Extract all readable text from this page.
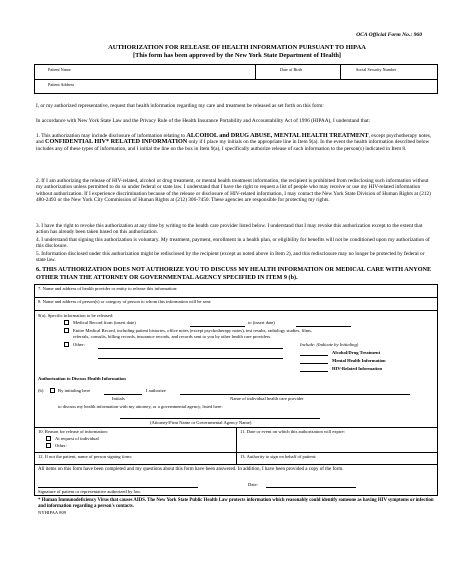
OCA Official Form No.: 960
AUTHORIZATION FOR RELEASE OF HEALTH INFORMATION PURSUANT TO HIPAA
[This form has been approved by the New York State Department of Health]
Patient Name	Date of Birth	Social Security Number
Patient Address
I, or my authorized representative, request that health information regarding my care and treatment be released as set forth on this form:
In accordance with New York State Law and the Privacy Rule of the Health Insurance Portability and Accountability Act of 1996 (HIPAA), I understand that:
1. This authorization may include disclosure of information relating to ALCOHOL and DRUG ABUSE, MENTAL HEALTH TREATMENT, except psychotherapy notes, and CONFIDENTIAL HIV* RELATED INFORMATION only if I place my initials on the appropriate line in Item 9(a). In the event the health information described below includes any of these types of information, and I initial the line on the box in Item 9(a), I specifically authorize release of such information to the person(s) indicated in Item 8.
2. If I am authorizing the release of HIV-related, alcohol or drug treatment, or mental health treatment information, the recipient is prohibited from redisclosing such information without my authorization unless permitted to do so under federal or state law. I understand that I have the right to request a list of people who may receive or use my HIV-related information without authorization. If I experience discrimination because of the release or disclosure of HIV-related information, I may contact the New York State Division of Human Rights at (212) 480-2493 or the New York City Commission of Human Rights at (212) 306-7450. These agencies are responsible for protecting my rights.
3. I have the right to revoke this authorization at any time by writing to the health care provider listed below. I understand that I may revoke this authorization except to the extent that action has already been taken based on this authorization.
4. I understand that signing this authorization is voluntary. My treatment, payment, enrollment in a health plan, or eligibility for benefits will not be conditioned upon my authorization of this disclosure.
5. Information disclosed under this authorization might be redisclosed by the recipient (except as noted above in Item 2), and this redisclosure may no longer be protected by federal or state law.
6. THIS AUTHORIZATION DOES NOT AUTHORIZE YOU TO DISCUSS MY HEALTH INFORMATION OR MEDICAL CARE WITH ANYONE OTHER THAN THE ATTORNEY OR GOVERNMENTAL AGENCY SPECIFIED IN ITEM 9 (b).
7. Name and address of health provider or entity to release this information:
8. Name and address of person(s) or category of person to whom this information will be sent:
9(a). Specific information to be released:
Medical Record from (insert date)	to (insert date)
Entire Medical Record, including patient histories, office notes (except psychotherapy notes), test results, radiology studies, films,
referrals, consults, billing records, insurance records, and records sent to you by other health care providers.
Other:	Include: (Indicate by Initialing)
Alcohol/Drug Treatment
Mental Health Information
HIV-Related Information
Authorization to Discuss Health Information
(b)	By initialing here	I authorize
Initials	Name of individual health care provider
to discuss my health information with my attorney, or a governmental agency, listed here:
(Attorney/Firm Name or Governmental Agency Name)
10. Reason for release of information:
At request of individual
Other:
11. Date or event on which this authorization will expire:
12. If not the patient, name of person signing form:	13. Authority to sign on behalf of patient:
All items on this form have been completed and my questions about this form have been answered. In addition, I have been provided a copy of the form.
Date:
Signature of patient or representative authorized by law.
* Human Immunodeficiency Virus that causes AIDS. The New York State Public Health Law protects information which reasonably could identify someone as having HIV symptoms or infection and information regarding a person's contacts.
NYHIPAA 809
